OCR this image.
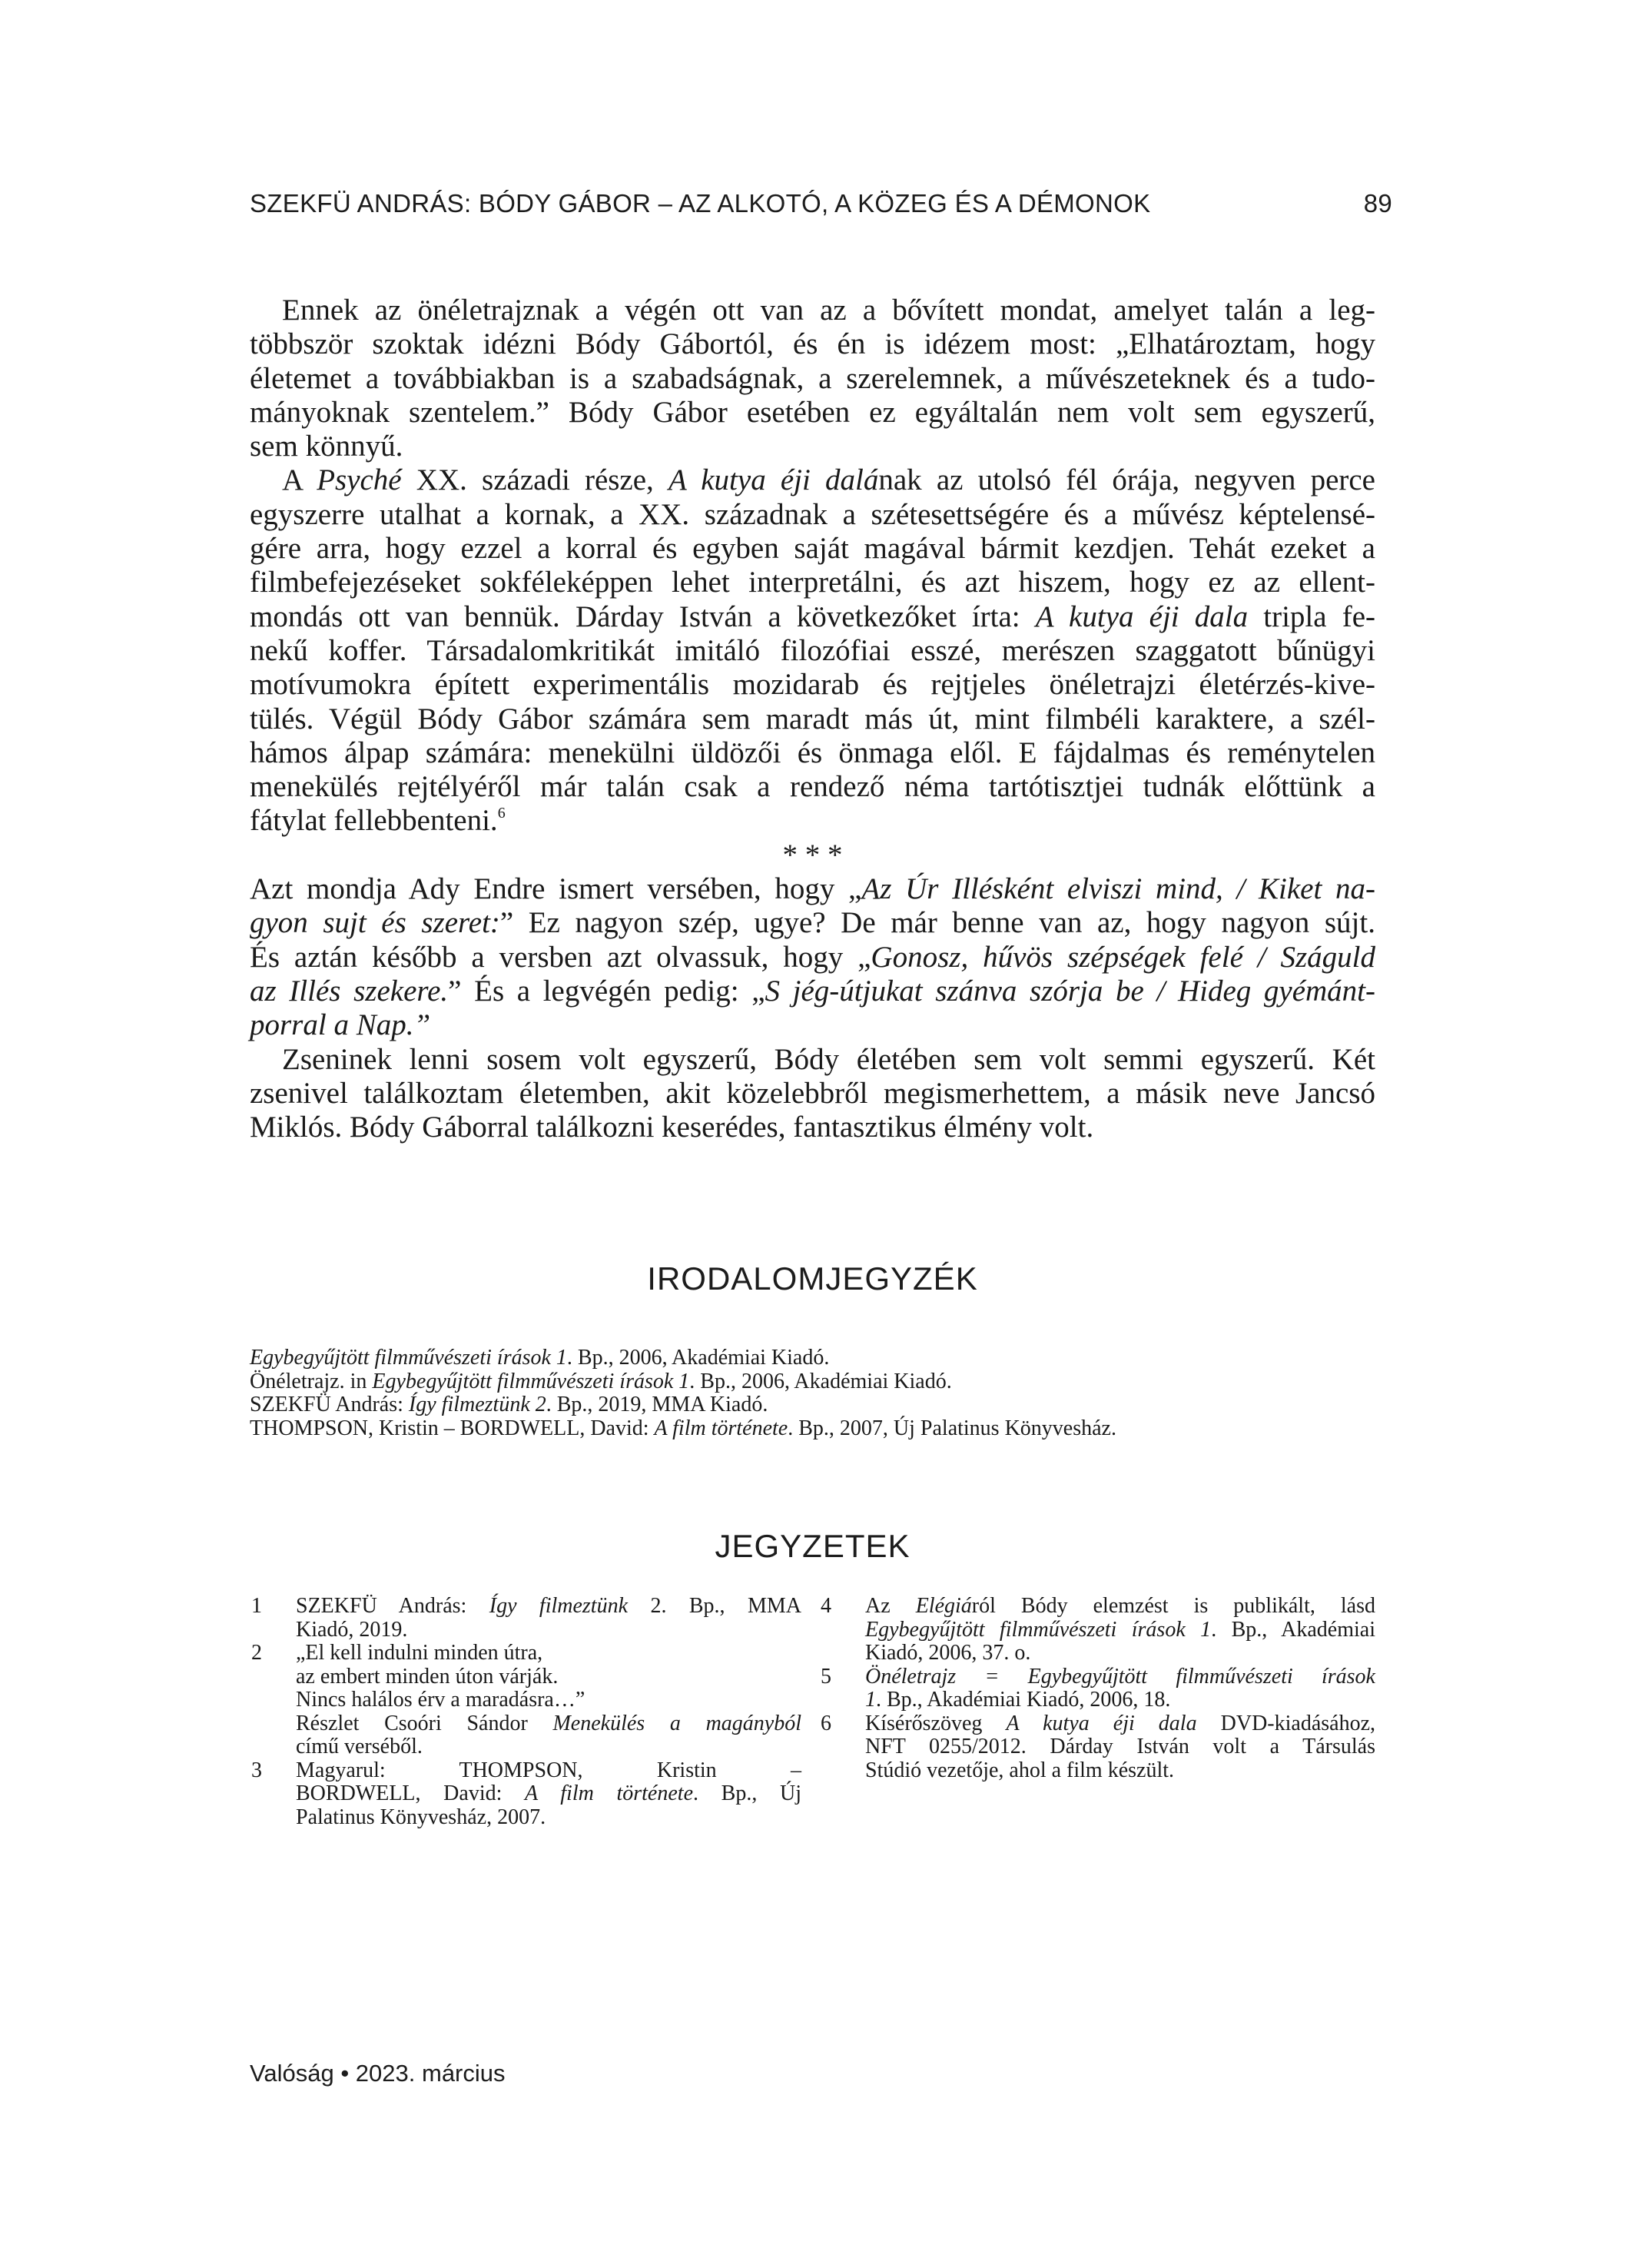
SZEKFÜ ANDRÁS: BÓDY GÁBOR – AZ ALKOTÓ, A KÖZEG ÉS A DÉMONOK	89
Ennek az önéletrajznak a végén ott van az a bővített mondat, amelyet talán a leg-
többször szoktak idézni Bódy Gábortól, és én is idézem most: „Elhatároztam, hogy
életemet a továbbiakban is a szabadságnak, a szerelemnek, a művészeteknek és a tudo-
mányoknak szentelem.” Bódy Gábor esetében ez egyáltalán nem volt sem egyszerű,
sem könnyű.
A Psyché XX. századi része, A kutya éji dalának az utolsó fél órája, negyven perce
egyszerre utalhat a kornak, a XX. századnak a szétesettségére és a művész képtelensé-
gére arra, hogy ezzel a korral és egyben saját magával bármit kezdjen. Tehát ezeket a
filmbefejezéseket sokféleképpen lehet interpretálni, és azt hiszem, hogy ez az ellent-
mondás ott van bennük. Dárday István a következőket írta: A kutya éji dala tripla fe-
nekű koffer. Társadalomkritikát imitáló filozófiai esszé, merészen szaggatott bűnügyi
motívumokra épített experimentális mozidarab és rejtjeles önéletrajzi életérzés-kive-
tülés. Végül Bódy Gábor számára sem maradt más út, mint filmbéli karaktere, a szél-
hámos álpap számára: menekülni üldözői és önmaga elől. E fájdalmas és reménytelen
menekülés rejtélyéről már talán csak a rendező néma tartótisztjei tudnák előttünk a
fátylat fellebbenteni.$^6$
* * *
Azt mondja Ady Endre ismert versében, hogy „Az Úr Illésként elviszi mind, / Kiket na-
gyon sujt és szeret:” Ez nagyon szép, ugye? De már benne van az, hogy nagyon sújt.
És aztán később a versben azt olvassuk, hogy „Gonosz, hűvös szépségek felé / Száguld
az Illés szekere.” És a legvégén pedig: „S jég-útjukat szánva szórja be / Hideg gyémánt-
porral a Nap.”
Zseninek lenni sosem volt egyszerű, Bódy életében sem volt semmi egyszerű. Két
zsenivel találkoztam életemben, akit közelebbről megismerhettem, a másik neve Jancsó
Miklós. Bódy Gáborral találkozni keserédes, fantasztikus élmény volt.
IRODALOMJEGYZÉK
Egybegyűjtött filmművészeti írások 1. Bp., 2006, Akadémiai Kiadó.
Önéletrajz. in Egybegyűjtött filmművészeti írások 1. Bp., 2006, Akadémiai Kiadó.
SZEKFÜ András: Így filmeztünk 2. Bp., 2019, MMA Kiadó.
THOMPSON, Kristin – BORDWELL, David: A film története. Bp., 2007, Új Palatinus Könyvesház.
JEGYZETEK
1 SZEKFÜ András: Így filmeztünk 2. Bp., MMA
Kiadó, 2019.
2 „El kell indulni minden útra,
az embert minden úton várják.
Nincs halálos érv a maradásra…”
Részlet Csoóri Sándor Menekülés a magányból
című verséből.
3 Magyarul: THOMPSON, Kristin –
BORDWELL, David: A film története. Bp., Új
Palatinus Könyvesház, 2007.
4 Az Elégiáról Bódy elemzést is publikált, lásd
Egybegyűjtött filmművészeti írások 1. Bp., Akadémiai
Kiadó, 2006, 37. o.
5 Önéletrajz = Egybegyűjtött filmművészeti írások
1. Bp., Akadémiai Kiadó, 2006, 18.
6 Kísérőszöveg A kutya éji dala DVD-kiadásához,
NFT 0255/2012. Dárday István volt a Társulás
Stúdió vezetője, ahol a film készült.
Valóság • 2023. március
